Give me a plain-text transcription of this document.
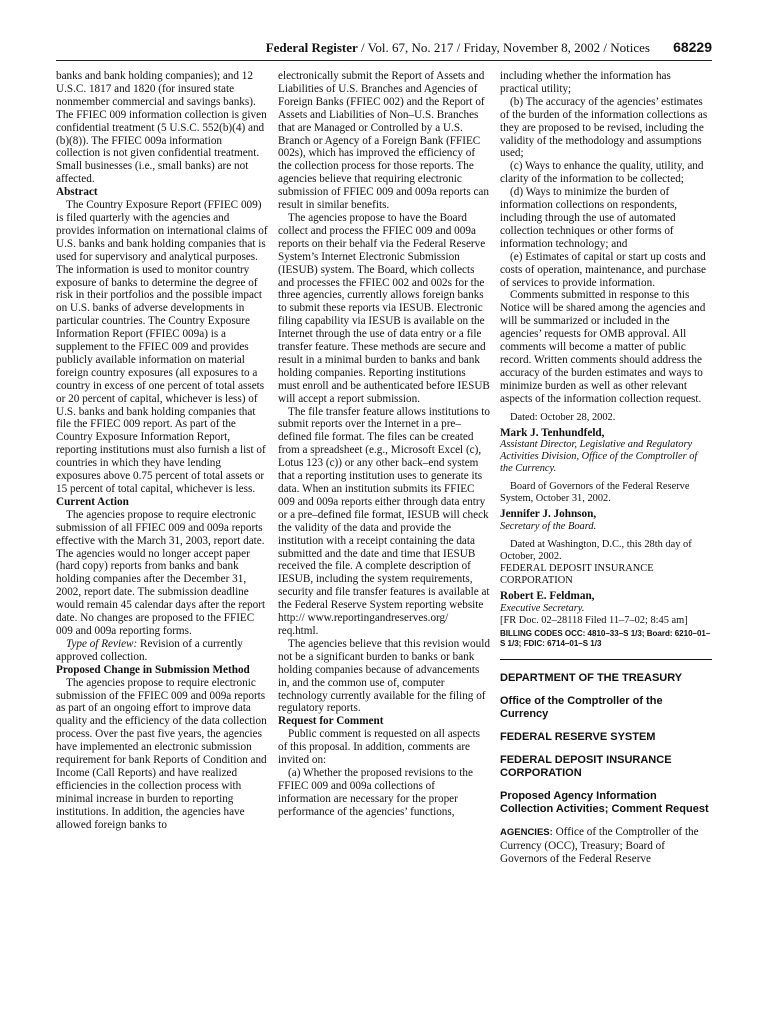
Federal Register / Vol. 67, No. 217 / Friday, November 8, 2002 / Notices 68229

banks and bank holding companies); and 12 U.S.C. 1817 and 1820 (for insured state nonmember commercial and savings banks). The FFIEC 009 information collection is given confidential treatment (5 U.S.C. 552(b)(4) and (b)(8)). The FFIEC 009a information collection is not given confidential treatment. Small businesses (i.e., small banks) are not affected.

Abstract

The Country Exposure Report (FFIEC 009) is filed quarterly with the agencies and provides information on international claims of U.S. banks and bank holding companies that is used for supervisory and analytical purposes. The information is used to monitor country exposure of banks to determine the degree of risk in their portfolios and the possible impact on U.S. banks of adverse developments in particular countries. The Country Exposure Information Report (FFIEC 009a) is a supplement to the FFIEC 009 and provides publicly available information on material foreign country exposures (all exposures to a country in excess of one percent of total assets or 20 percent of capital, whichever is less) of U.S. banks and bank holding companies that file the FFIEC 009 report. As part of the Country Exposure Information Report, reporting institutions must also furnish a list of countries in which they have lending exposures above 0.75 percent of total assets or 15 percent of total capital, whichever is less.

Current Action

The agencies propose to require electronic submission of all FFIEC 009 and 009a reports effective with the March 31, 2003, report date. The agencies would no longer accept paper (hard copy) reports from banks and bank holding companies after the December 31, 2002, report date. The submission deadline would remain 45 calendar days after the report date. No changes are proposed to the FFIEC 009 and 009a reporting forms.

Type of Review: Revision of a currently approved collection.

Proposed Change in Submission Method

The agencies propose to require electronic submission of the FFIEC 009 and 009a reports as part of an ongoing effort to improve data quality and the efficiency of the data collection process. Over the past five years, the agencies have implemented an electronic submission requirement for bank Reports of Condition and Income (Call Reports) and have realized efficiencies in the collection process with minimal increase in burden to reporting institutions. In addition, the agencies have allowed foreign banks to

electronically submit the Report of Assets and Liabilities of U.S. Branches and Agencies of Foreign Banks (FFIEC 002) and the Report of Assets and Liabilities of Non–U.S. Branches that are Managed or Controlled by a U.S. Branch or Agency of a Foreign Bank (FFIEC 002s), which has improved the efficiency of the collection process for those reports. The agencies believe that requiring electronic submission of FFIEC 009 and 009a reports can result in similar benefits.

The agencies propose to have the Board collect and process the FFIEC 009 and 009a reports on their behalf via the Federal Reserve System’s Internet Electronic Submission (IESUB) system. The Board, which collects and processes the FFIEC 002 and 002s for the three agencies, currently allows foreign banks to submit these reports via IESUB. Electronic filing capability via IESUB is available on the Internet through the use of data entry or a file transfer feature. These methods are secure and result in a minimal burden to banks and bank holding companies. Reporting institutions must enroll and be authenticated before IESUB will accept a report submission.

The file transfer feature allows institutions to submit reports over the Internet in a pre–defined file format. The files can be created from a spreadsheet (e.g., Microsoft Excel (c), Lotus 123 (c)) or any other back–end system that a reporting institution uses to generate its data. When an institution submits its FFIEC 009 and 009a reports either through data entry or a pre–defined file format, IESUB will check the validity of the data and provide the institution with a receipt containing the data submitted and the date and time that IESUB received the file. A complete description of IESUB, including the system requirements, security and file transfer features is available at the Federal Reserve System reporting website http:// www.reportingandreserves.org/ req.html.

The agencies believe that this revision would not be a significant burden to banks or bank holding companies because of advancements in, and the common use of, computer technology currently available for the filing of regulatory reports.

Request for Comment

Public comment is requested on all aspects of this proposal. In addition, comments are invited on:

(a) Whether the proposed revisions to the FFIEC 009 and 009a collections of information are necessary for the proper performance of the agencies’ functions,

including whether the information has practical utility;

(b) The accuracy of the agencies’ estimates of the burden of the information collections as they are proposed to be revised, including the validity of the methodology and assumptions used;

(c) Ways to enhance the quality, utility, and clarity of the information to be collected;

(d) Ways to minimize the burden of information collections on respondents, including through the use of automated collection techniques or other forms of information technology; and

(e) Estimates of capital or start up costs and costs of operation, maintenance, and purchase of services to provide information.

Comments submitted in response to this Notice will be shared among the agencies and will be summarized or included in the agencies’ requests for OMB approval. All comments will become a matter of public record. Written comments should address the accuracy of the burden estimates and ways to minimize burden as well as other relevant aspects of the information collection request.

Dated: October 28, 2002.

Mark J. Tenhundfeld,

Assistant Director, Legislative and Regulatory Activities Division, Office of the Comptroller of the Currency.

Board of Governors of the Federal Reserve System, October 31, 2002.

Jennifer J. Johnson,

Secretary of the Board.

Dated at Washington, D.C., this 28th day of October, 2002.

FEDERAL DEPOSIT INSURANCE CORPORATION

Robert E. Feldman,

Executive Secretary.

[FR Doc. 02–28118 Filed 11–7–02; 8:45 am]

BILLING CODES OCC: 4810–33–S 1/3; Board: 6210–01–S 1/3; FDIC: 6714–01–S 1/3

DEPARTMENT OF THE TREASURY

Office of the Comptroller of the Currency

FEDERAL RESERVE SYSTEM

FEDERAL DEPOSIT INSURANCE CORPORATION

Proposed Agency Information Collection Activities; Comment Request

AGENCIES: Office of the Comptroller of the Currency (OCC), Treasury; Board of Governors of the Federal Reserve
